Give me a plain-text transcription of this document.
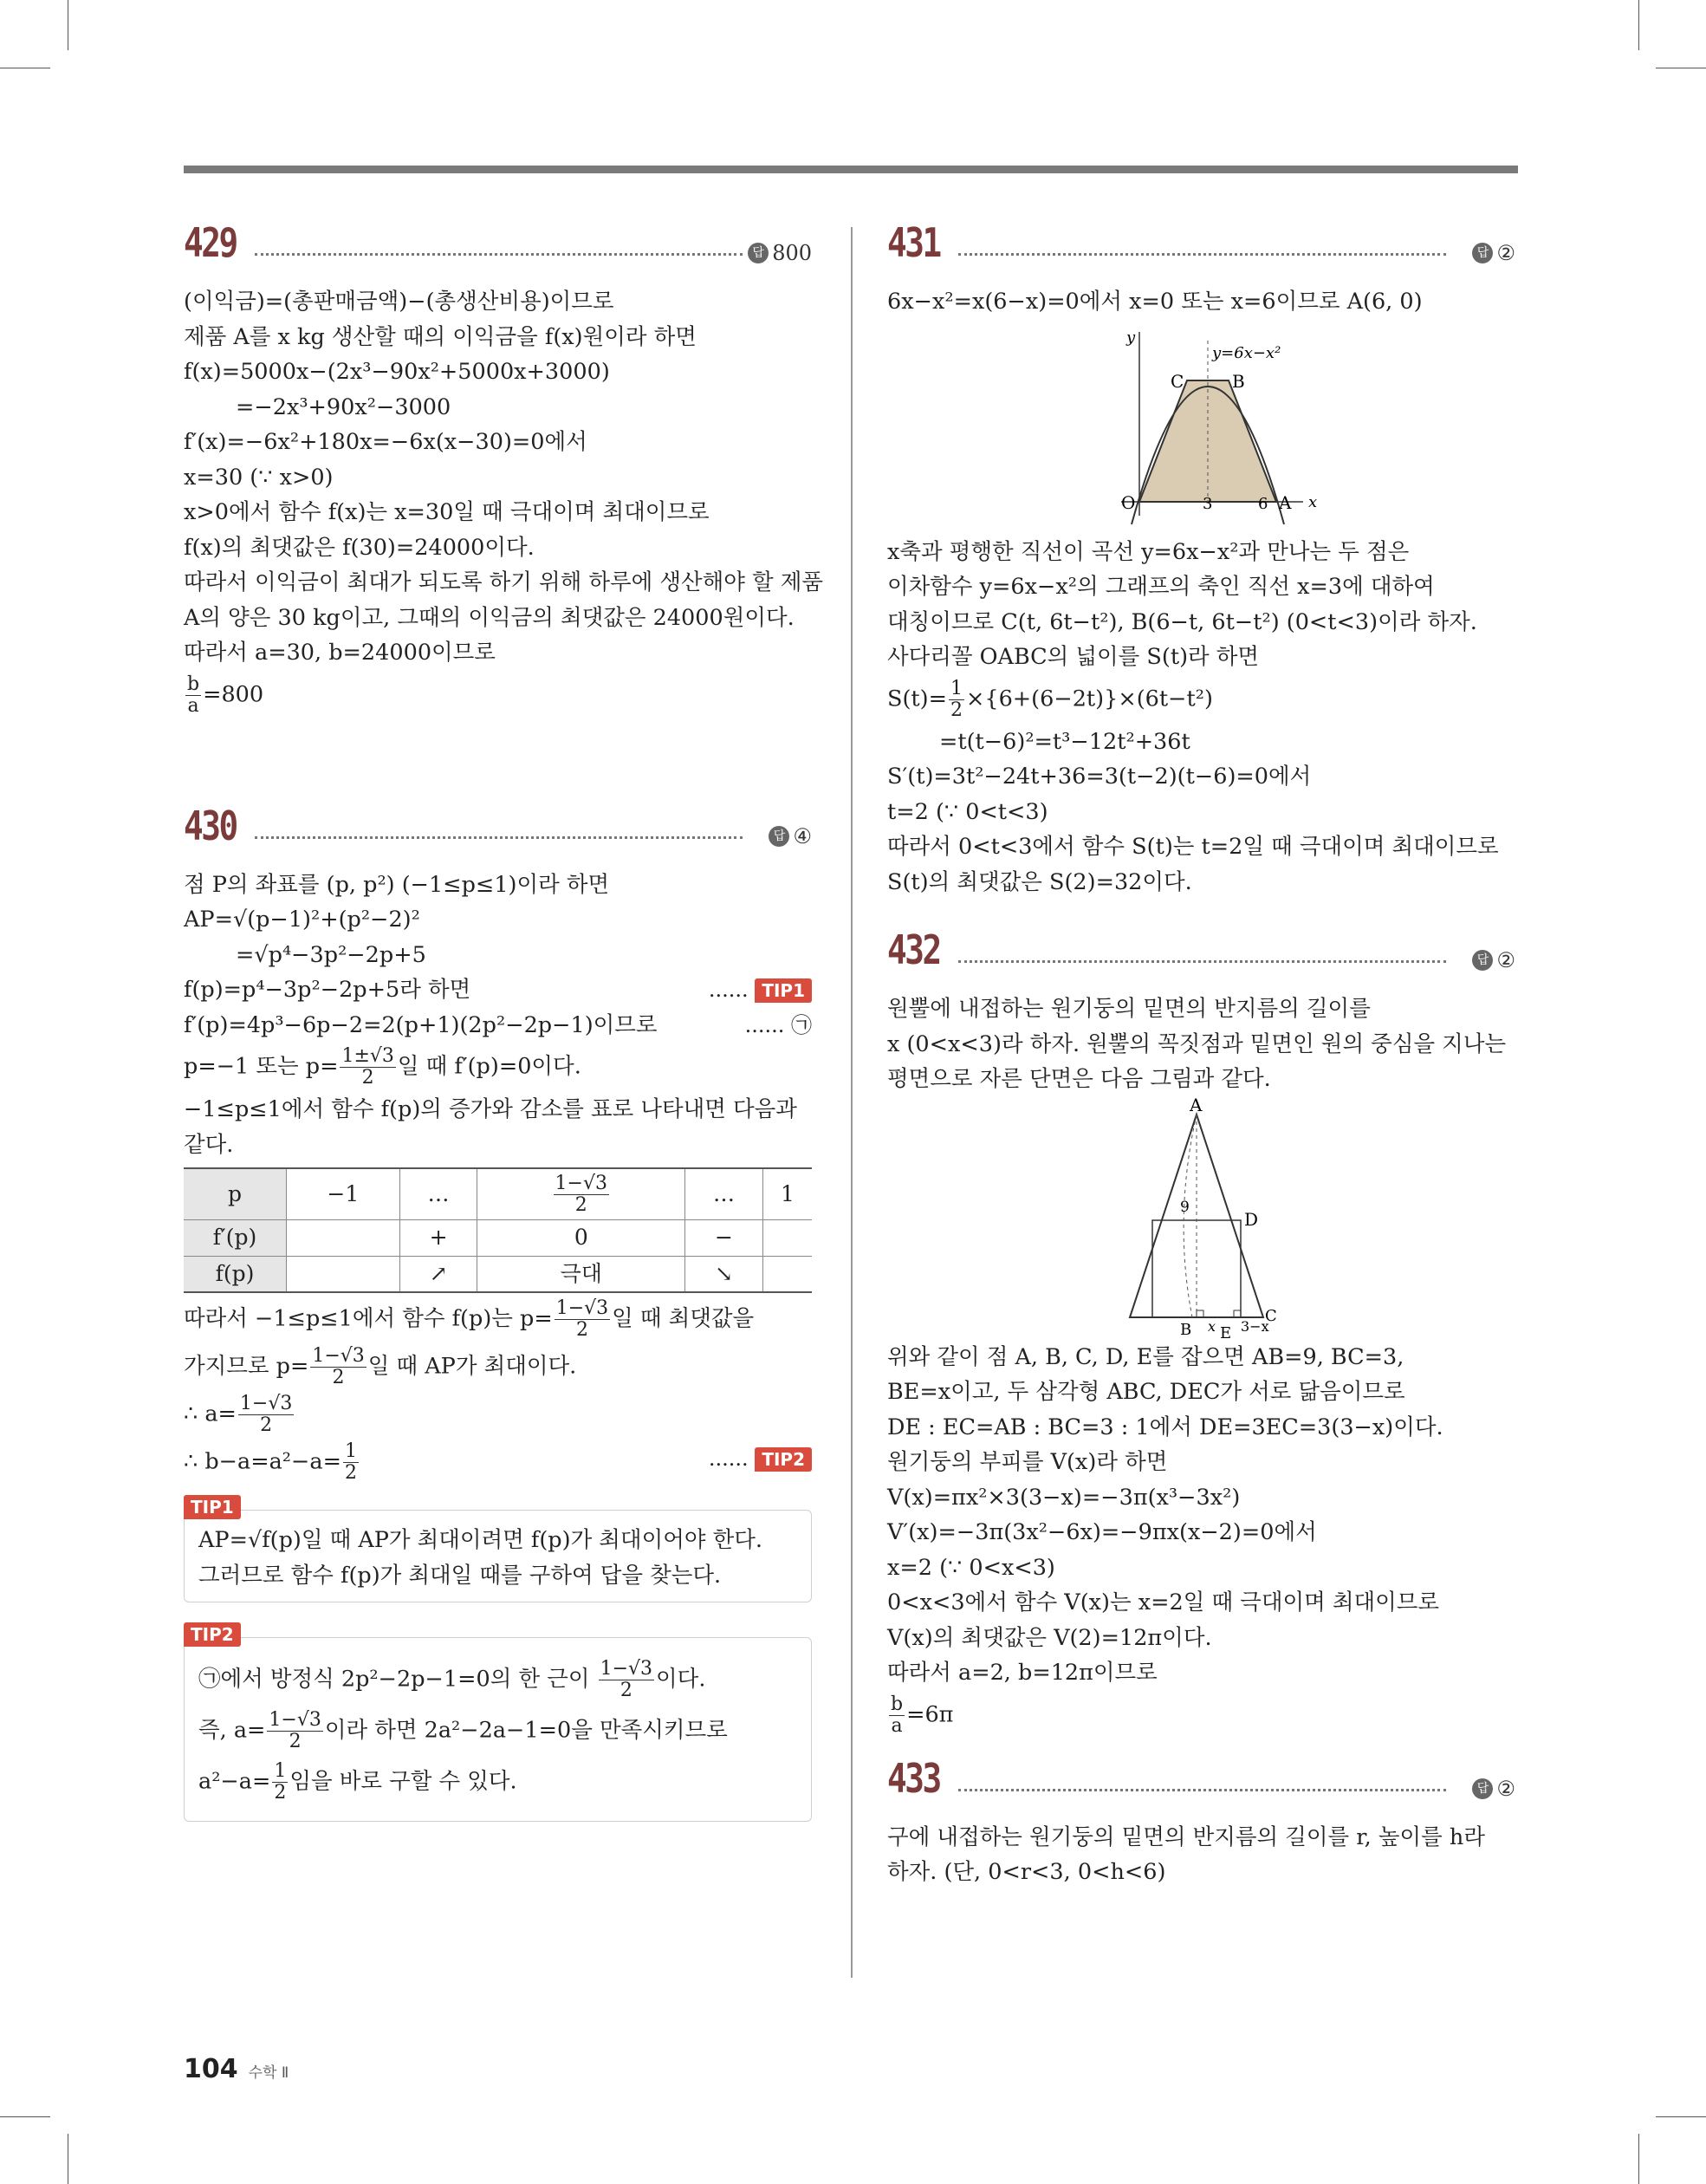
429	답 800
(이익금)=(총판매금액)−(총생산비용)이므로
제품 A를 x kg 생산할 때의 이익금을 f(x)원이라 하면
f(x)=5000x−(2x³−90x²+5000x+3000)
=−2x³+90x²−3000
f′(x)=−6x²+180x=−6x(x−30)=0에서
x=30 (∵ x>0)
x>0에서 함수 f(x)는 x=30일 때 극대이며 최대이므로
f(x)의 최댓값은 f(30)=24000이다.
따라서 이익금이 최대가 되도록 하기 위해 하루에 생산해야 할 제품
A의 양은 30 kg이고, 그때의 이익금의 최댓값은 24000원이다.
따라서 a=30, b=24000이므로
$\frac{b}{a} =800$
430	답 ④
점 P의 좌표를 (p, p²) (−1≤p≤1)이라 하면
AP=√(p−1)²+(p²−2)²
=√p⁴−3p²−2p+5
f(p)=p⁴−3p²−2p+5라 하면	...... TIP1
f′(p)=4p³−6p−2=2(p+1)(2p²−2p−1)이므로	...... ㉠
p=−1 또는 $p= \frac{1\pm√3}{2}$ 일 때 f′(p)=0이다.
−1≤p≤1에서 함수 f(p)의 증가와 감소를 표로 나타내면 다음과
같다.
p	−1	…	$\frac{1-√3}{2}$	…	1
f′(p)		+	0	−	
f(p)		↗	극대	↘	
따라서 −1≤p≤1에서 함수 f(p)는 $p= \frac{1-√3}{2}$ 일 때 최댓값을
가지므로 $p= \frac{1-√3}{2}$ 일 때 AP가 최대이다.
∴ $a= \frac{1-√3}{2}$
∴ $b-a=a^2-a= \frac{1}{2}$	...... TIP2
TIP1
AP=√f(p)일 때 AP가 최대이려면 f(p)가 최대이어야 한다.
그러므로 함수 f(p)가 최대일 때를 구하여 답을 찾는다.
TIP2
㉠에서 방정식 2p²−2p−1=0의 한 근이 $\frac{1-√3}{2}$ 이다.
즉, $a= \frac{1-√3}{2}$ 이라 하면 2a²−2a−1=0을 만족시키므로
$a^2-a= \frac{1}{2}$ 임을 바로 구할 수 있다.
431	답 ②
6x−x²=x(6−x)=0에서 x=0 또는 x=6이므로 A(6, 0)
y
y=6x−x²
C	B
O	3	6 A x
x축과 평행한 직선이 곡선 y=6x−x²과 만나는 두 점은
이차함수 y=6x−x²의 그래프의 축인 직선 x=3에 대하여
대칭이므로 C(t, 6t−t²), B(6−t, 6t−t²) (0<t<3)이라 하자.
사다리꼴 OABC의 넓이를 S(t)라 하면
$S(t)= \frac{1}{2} \times\{6+(6-2t)\}\times(6t-t^2)$
=t(t−6)²=t³−12t²+36t
S′(t)=3t²−24t+36=3(t−2)(t−6)=0에서
t=2 (∵ 0<t<3)
따라서 0<t<3에서 함수 S(t)는 t=2일 때 극대이며 최대이므로
S(t)의 최댓값은 S(2)=32이다.
432	답 ②
원뿔에 내접하는 원기둥의 밑면의 반지름의 길이를
x (0<x<3)라 하자. 원뿔의 꼭짓점과 밑면인 원의 중심을 지나는
평면으로 자른 단면은 다음 그림과 같다.
A
D
9
B x E 3−x
C
위와 같이 점 A, B, C, D, E를 잡으면 AB=9, BC=3,
BE=x이고, 두 삼각형 ABC, DEC가 서로 닮음이므로
DE : EC=AB : BC=3 : 1에서 DE=3EC=3(3−x)이다.
원기둥의 부피를 V(x)라 하면
V(x)=πx²×3(3−x)=−3π(x³−3x²)
V′(x)=−3π(3x²−6x)=−9πx(x−2)=0에서
x=2 (∵ 0<x<3)
0<x<3에서 함수 V(x)는 x=2일 때 극대이며 최대이므로
V(x)의 최댓값은 V(2)=12π이다.
따라서 a=2, b=12π이므로
$\frac{b}{a} =6\pi$
433	답 ②
구에 내접하는 원기둥의 밑면의 반지름의 길이를 r, 높이를 h라
하자. (단, 0<r<3, 0<h<6)
104 수학 Ⅱ
